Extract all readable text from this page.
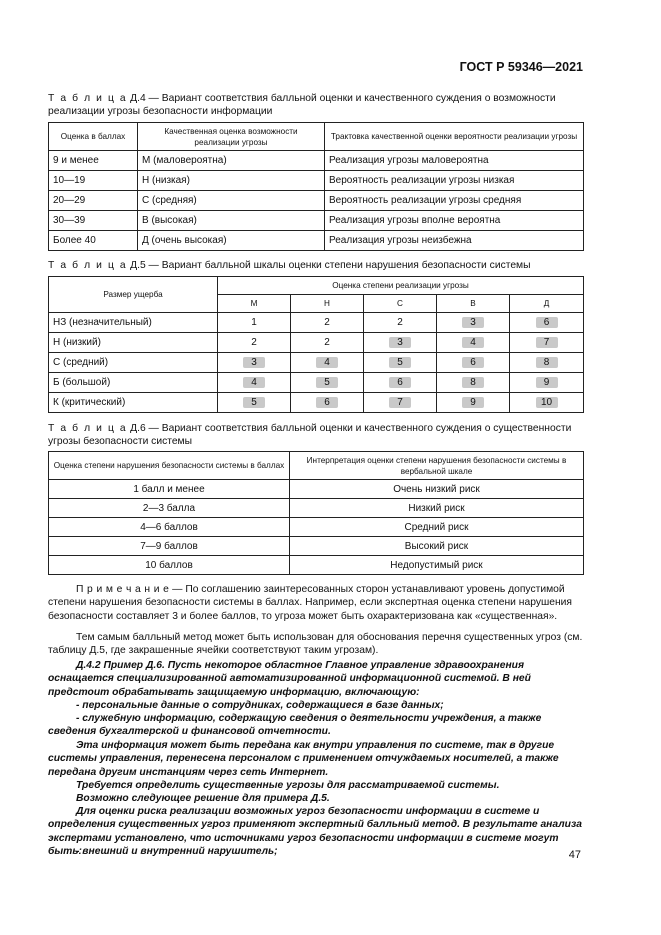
ГОСТ Р 59346—2021
Т а б л и ц а Д.4 — Вариант соответствия балльной оценки и качественного суждения о возможности реализации угрозы безопасности информации
Оценка в баллах	Качественная оценка возможности реализации угрозы	Трактовка качественной оценки вероятности реализации угрозы
9 и менее	М (маловероятна)	Реализация угрозы маловероятна
10—19	Н (низкая)	Вероятность реализации угрозы низкая
20—29	С (средняя)	Вероятность реализации угрозы средняя
30—39	В (высокая)	Реализация угрозы вполне вероятна
Более 40	Д (очень высокая)	Реализация угрозы неизбежна
Т а б л и ц а Д.5 — Вариант балльной шкалы оценки степени нарушения безопасности системы
Размер ущерба	Оценка степени реализации угрозы				
	М	Н	С	В	Д
НЗ (незначительный)	1	2	2	3	6
Н (низкий)	2	2	3	4	7
С (средний)	3	4	5	6	8
Б (большой)	4	5	6	8	9
К (критический)	5	6	7	9	10
Т а б л и ц а Д.6 — Вариант соответствия балльной оценки и качественного суждения о существенности угрозы безопасности системы
Оценка степени нарушения безопасности системы в баллах	Интерпретация оценки степени нарушения безопасности системы в вербальной шкале
1 балл и менее	Очень низкий риск
2—3 балла	Низкий риск
4—6 баллов	Средний риск
7—9 баллов	Высокий риск
10 баллов	Недопустимый риск
П р и м е ч а н и е — По соглашению заинтересованных сторон устанавливают уровень допустимой степени нарушения безопасности системы в баллах. Например, если экспертная оценка степени нарушения безопасности составляет 3 и более баллов, то угроза может быть охарактеризована как «существенная».
Тем самым балльный метод может быть использован для обоснования перечня существенных угроз (см. таблицу Д.5, где закрашенные ячейки соответствуют таким угрозам).
Д.4.2 Пример Д.6. Пусть некоторое областное Главное управление здравоохранения оснащается специализированной автоматизированной информационной системой. В ней предстоит обрабатывать защищаемую информацию, включающую:
- персональные данные о сотрудниках, содержащиеся в базе данных;
- служебную информацию, содержащую сведения о деятельности учреждения, а также сведения бухгалтерской и финансовой отчетности.
Эта информация может быть передана как внутри управления по системе, так в другие системы управления, перенесена персоналом с применением отчуждаемых носителей, а также передана другим инстанциям через сеть Интернет.
Требуется определить существенные угрозы для рассматриваемой системы.
Возможно следующее решение для примера Д.5.
Для оценки риска реализации возможных угроз безопасности информации в системе и определения существенных угроз применяют экспертный балльный метод. В результате анализа экспертами установлено, что источниками угроз безопасности информации в системе могут быть:
- внешний и внутренний нарушитель;	47
